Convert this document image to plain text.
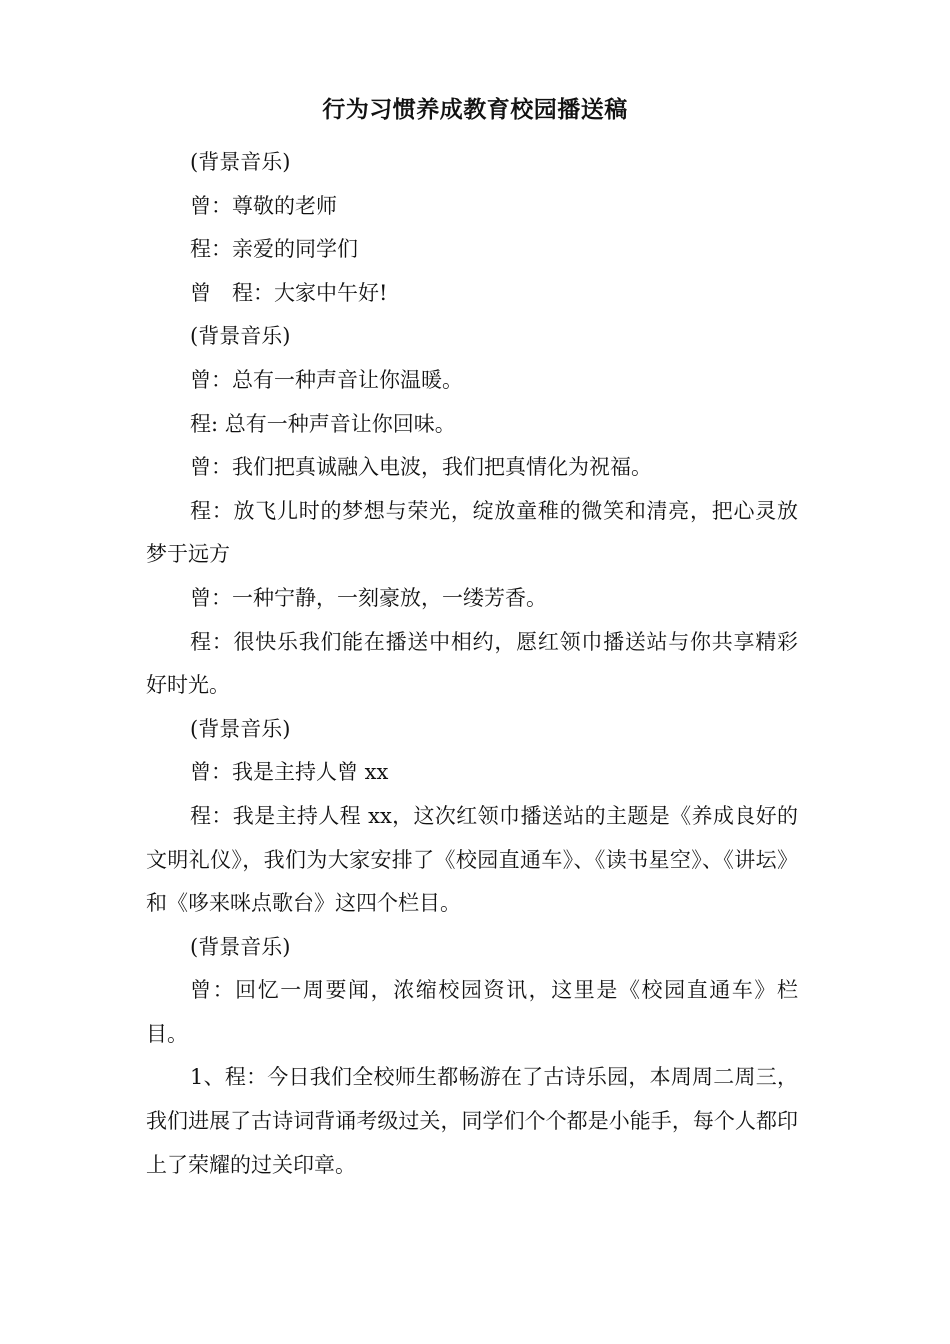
行为习惯养成教育校园播送稿

(背景音乐)

曾：尊敬的老师

程：亲爱的同学们

曾　程：大家中午好!

(背景音乐)

曾：总有一种声音让你温暖。

程: 总有一种声音让你回味。

曾：我们把真诚融入电波，我们把真情化为祝福。

程：放飞儿时的梦想与荣光，绽放童稚的微笑和清亮，把心灵放梦于远方

曾：一种宁静，一刻豪放，一缕芳香。

程：很快乐我们能在播送中相约，愿红领巾播送站与你共享精彩好时光。

(背景音乐)

曾：我是主持人曾 xx

程：我是主持人程 xx，这次红领巾播送站的主题是《养成良好的文明礼仪》，我们为大家安排了《校园直通车》、《读书星空》、《讲坛》和《哆来咪点歌台》这四个栏目。

(背景音乐)

曾：回忆一周要闻，浓缩校园资讯，这里是《校园直通车》栏目。

1、程：今日我们全校师生都畅游在了古诗乐园，本周周二周三，我们进展了古诗词背诵考级过关，同学们个个都是小能手，每个人都印上了荣耀的过关印章。
